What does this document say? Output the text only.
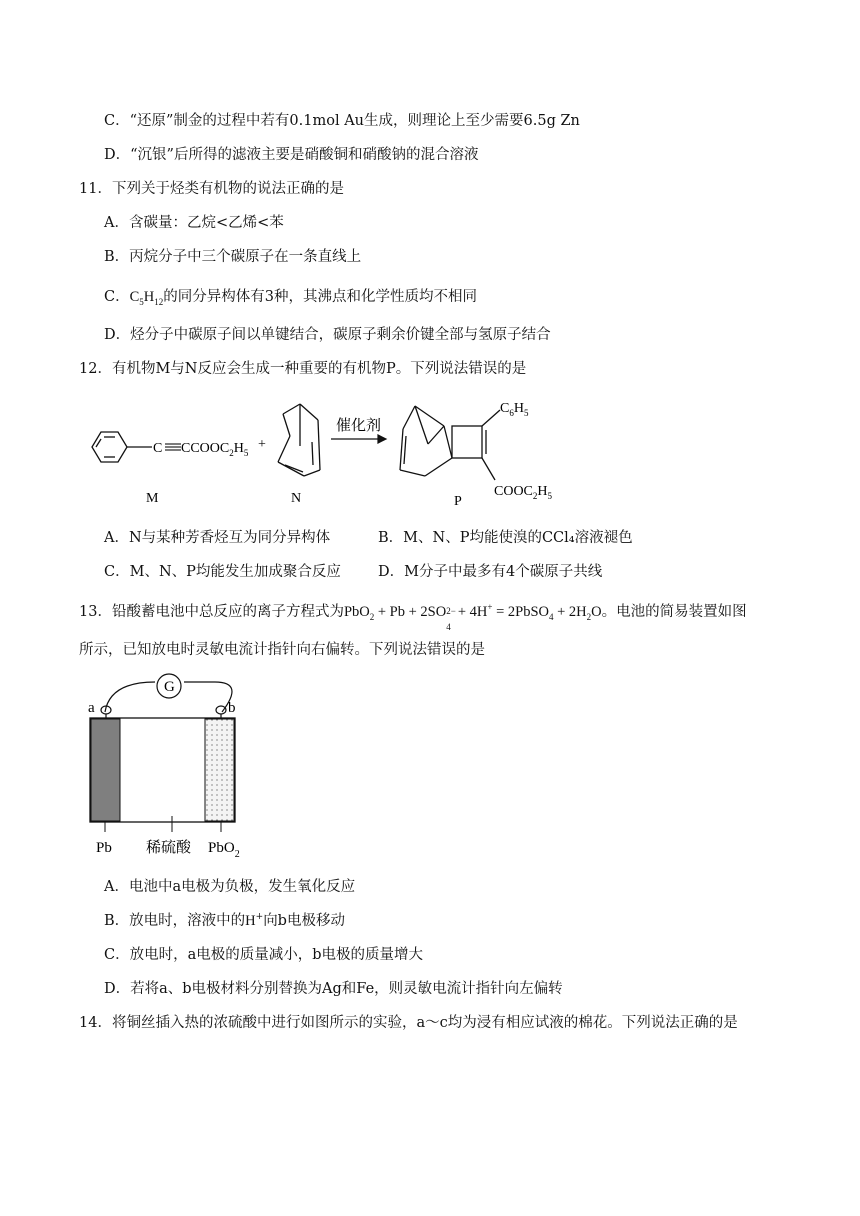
C．“还原”制金的过程中若有0.1mol Au生成，则理论上至少需要6.5g Zn
D．“沉银”后所得的滤液主要是硝酸铜和硝酸钠的混合溶液
11．下列关于烃类有机物的说法正确的是
A．含碳量：乙烷<乙烯<苯
B．丙烷分子中三个碳原子在一条直线上
C．$C_5H_{12}$的同分异构体有3种，其沸点和化学性质均不相同
D．烃分子中碳原子间以单键结合，碳原子剩余价键全部与氢原子结合
12．有机物M与N反应会生成一种重要的有机物P。下列说法错误的是
C $CCOOC_2H_5$
+
催化剂
$C_6H_5$
$COOC_2H_5$
M	N	P
A．N与某种芳香烃互为同分异构体	B．M、N、P均能使溴的CCl₄溶液褪色
C．M、N、P均能发生加成聚合反应	D．M分子中最多有4个碳原子共线
13．铅酸蓄电池中总反应的离子方程式为PbO$_2$ + Pb + 2SO 2−
4
+ 4H+ = 2PbSO$_4$ + $2H_2O$。电池的简易装置如图
所示，已知放电时灵敏电流计指针向右偏转。下列说法错误的是
G
a	b
Pb 稀硫酸 PbO$_2$
A．电池中a电极为负极，发生氧化反应
B．放电时，溶液中的H+向b电极移动
C．放电时，a电极的质量减小，b电极的质量增大
D．若将a、b电极材料分别替换为Ag和Fe，则灵敏电流计指针向左偏转
14．将铜丝插入热的浓硫酸中进行如图所示的实验，a～c均为浸有相应试液的棉花。下列说法正确的是
